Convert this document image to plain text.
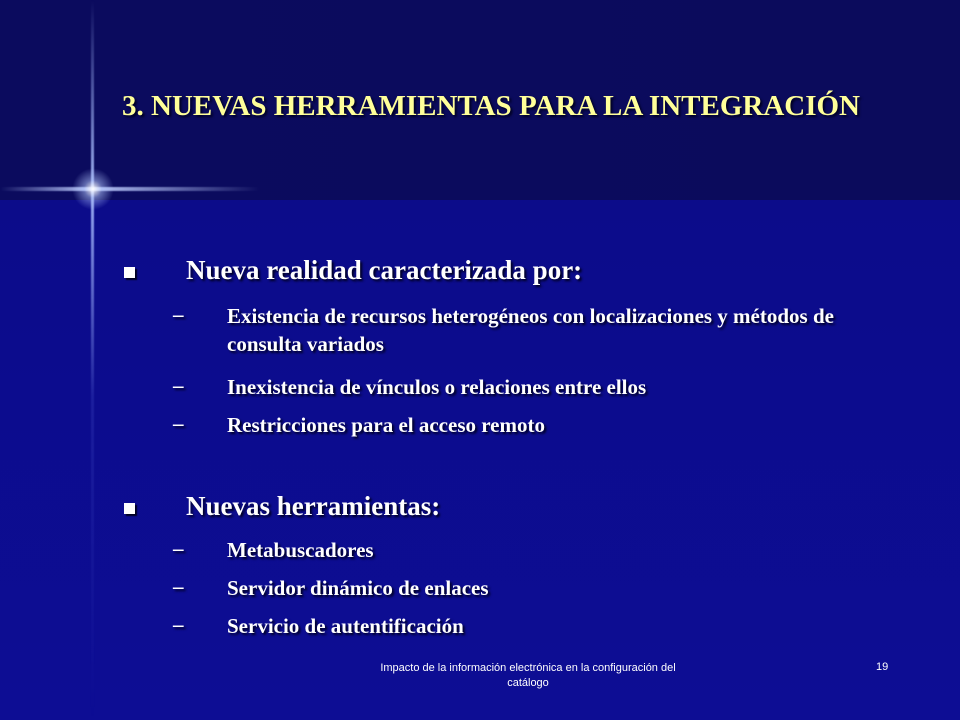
3. NUEVAS HERRAMIENTAS PARA LA INTEGRACIÓN
Nueva realidad caracterizada por:
– Existencia de recursos heterogéneos con localizaciones y métodos de consulta variados
– Inexistencia de vínculos o relaciones entre ellos
– Restricciones para el acceso remoto
Nuevas herramientas:
– Metabuscadores
– Servidor dinámico de enlaces
– Servicio de autentificación
Impacto de la información electrónica en la configuración del catálogo
19
